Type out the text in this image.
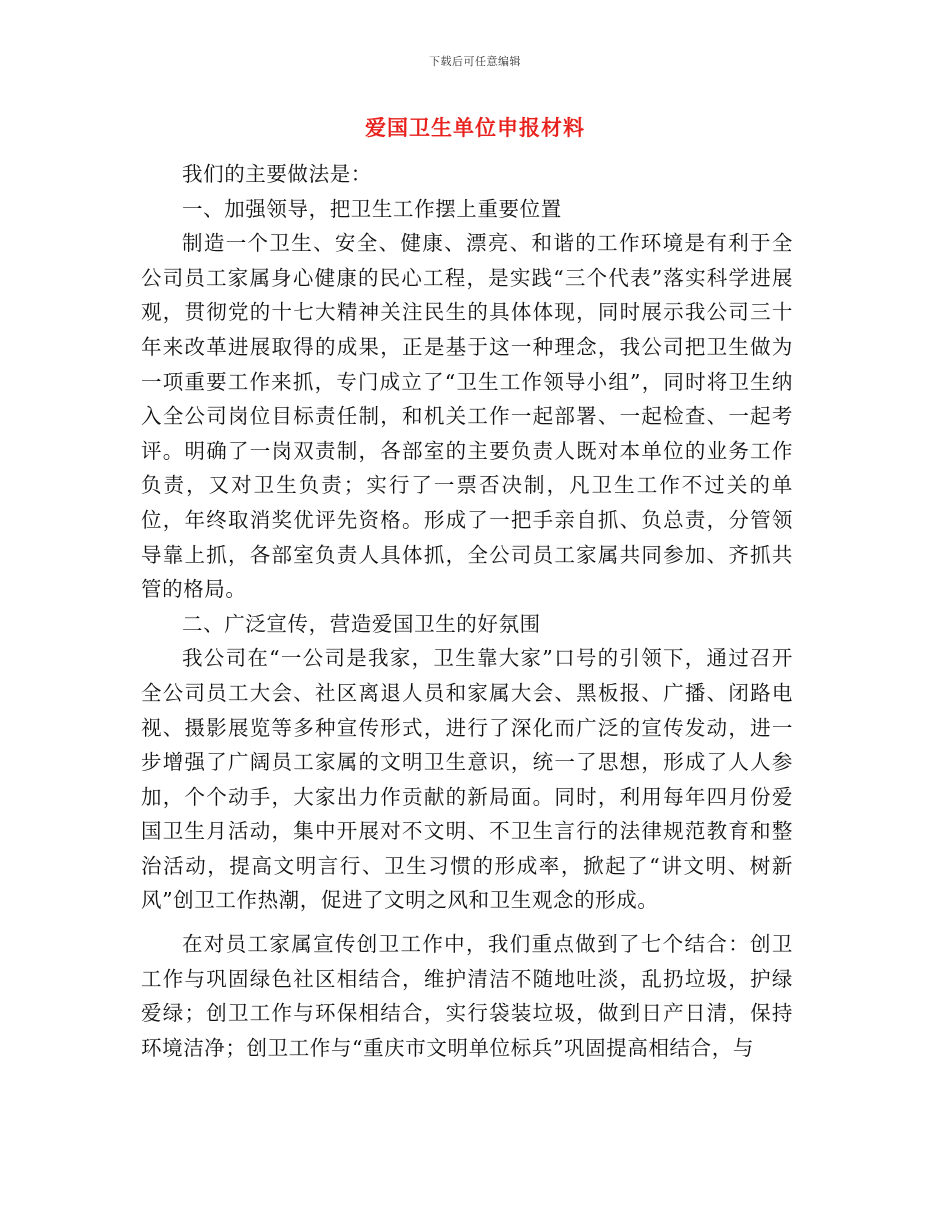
下载后可任意编辑
爱国卫生单位申报材料

我们的主要做法是：

一、加强领导，把卫生工作摆上重要位置

制造一个卫生、安全、健康、漂亮、和谐的工作环境是有利于全公司员工家属身心健康的民心工程，是实践“三个代表”落实科学进展观，贯彻党的十七大精神关注民生的具体体现，同时展示我公司三十年来改革进展取得的成果，正是基于这一种理念，我公司把卫生做为一项重要工作来抓，专门成立了“卫生工作领导小组”，同时将卫生纳入全公司岗位目标责任制，和机关工作一起部署、一起检查、一起考评。明确了一岗双责制，各部室的主要负责人既对本单位的业务工作负责，又对卫生负责；实行了一票否决制，凡卫生工作不过关的单位，年终取消奖优评先资格。形成了一把手亲自抓、负总责，分管领导靠上抓，各部室负责人具体抓，全公司员工家属共同参加、齐抓共管的格局。

二、广泛宣传，营造爱国卫生的好氛围

我公司在“一公司是我家，卫生靠大家”口号的引领下，通过召开全公司员工大会、社区离退人员和家属大会、黑板报、广播、闭路电视、摄影展览等多种宣传形式，进行了深化而广泛的宣传发动，进一步增强了广阔员工家属的文明卫生意识，统一了思想，形成了人人参加，个个动手，大家出力作贡献的新局面。同时，利用每年四月份爱国卫生月活动，集中开展对不文明、不卫生言行的法律规范教育和整治活动，提高文明言行、卫生习惯的形成率，掀起了“讲文明、树新风”创卫工作热潮，促进了文明之风和卫生观念的形成。

在对员工家属宣传创卫工作中，我们重点做到了七个结合：创卫工作与巩固绿色社区相结合，维护清洁不随地吐淡，乱扔垃圾，护绿爱绿；创卫工作与环保相结合，实行袋装垃圾，做到日产日清，保持环境洁净；创卫工作与“重庆市文明单位标兵”巩固提高相结合，与
